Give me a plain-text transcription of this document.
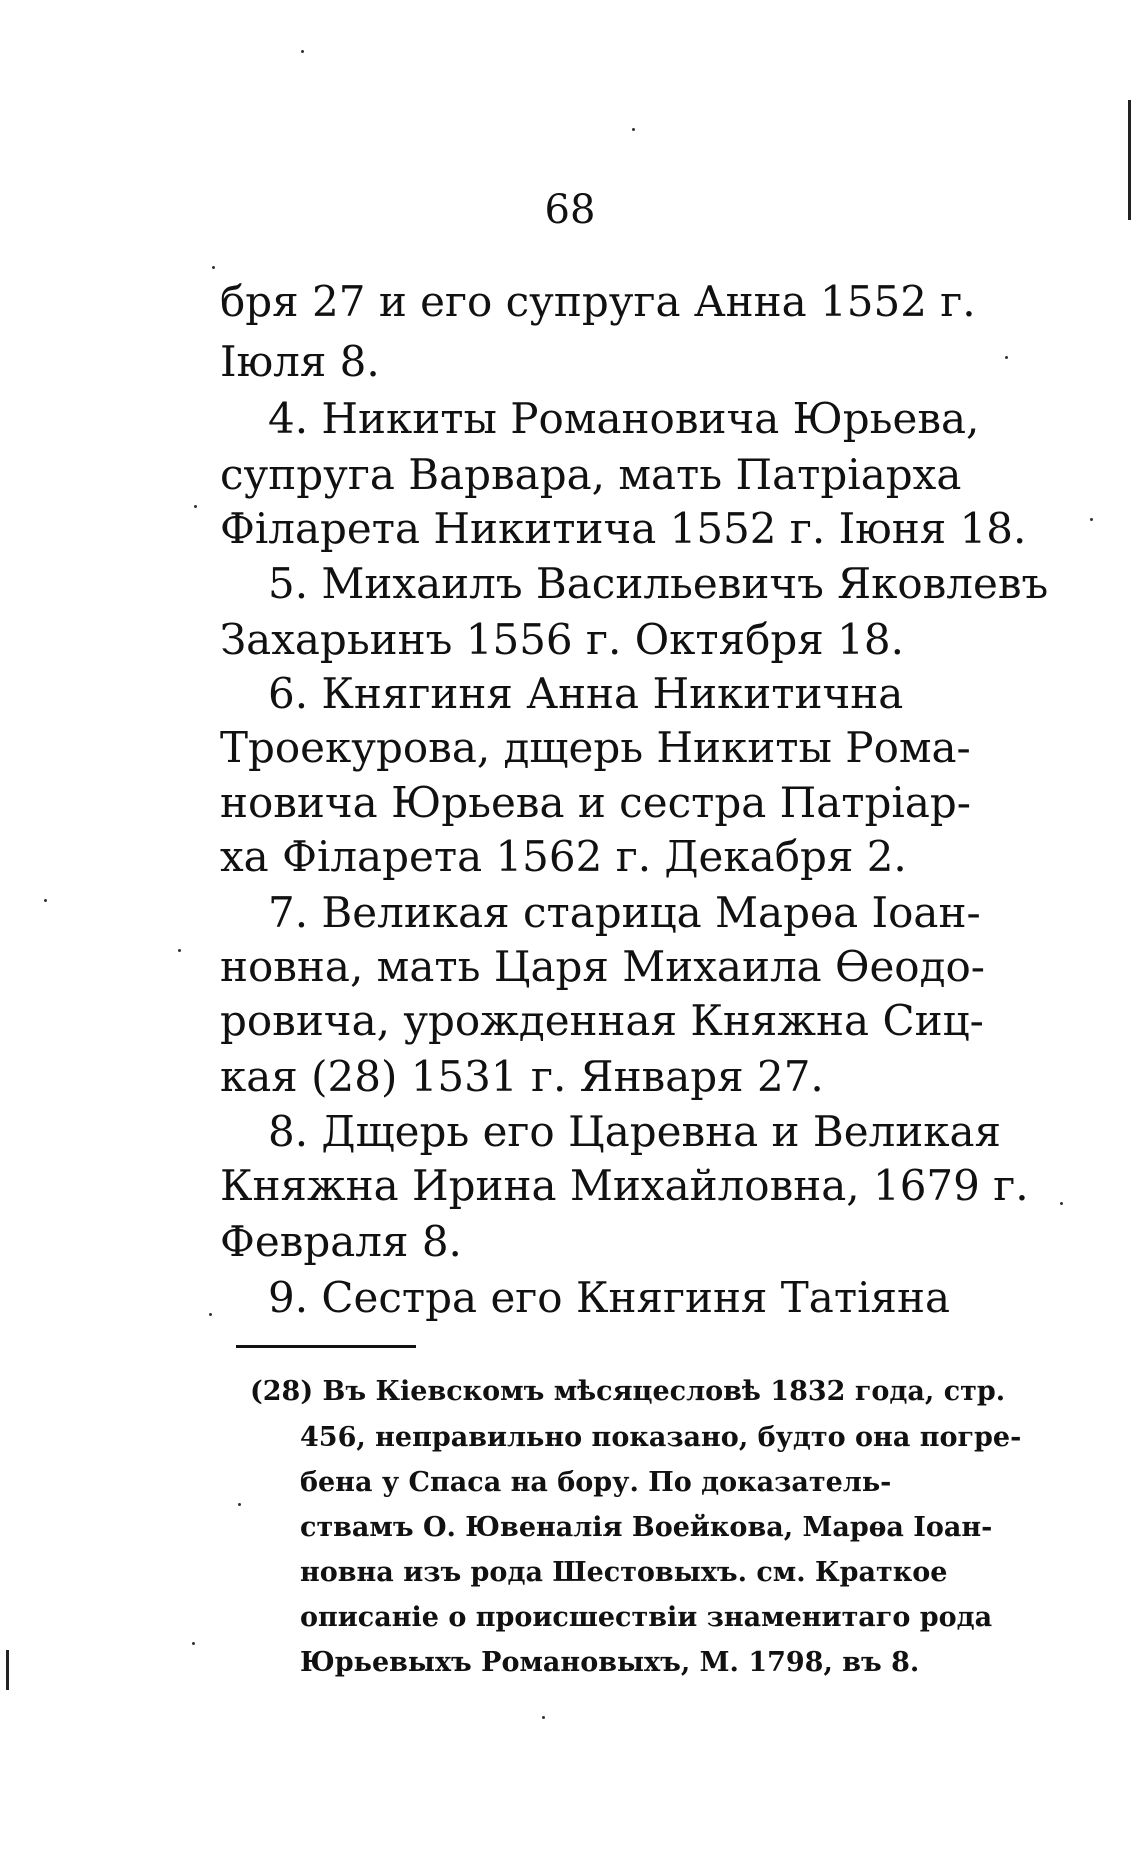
68
бря 27 и его супруга Анна 1552 г.
Іюля 8.
4. Никиты Романовича Юрьева,
супруга Варвара, мать Патріарха
Філарета Никитича 1552 г. Іюня 18.
5. Михаилъ Васильевичъ Яковлевъ
Захарьинъ 1556 г. Октября 18.
6. Княгиня Анна Никитична
Троекурова, дщерь Никиты Рома-
новича Юрьева и сестра Патріар-
ха Філарета 1562 г. Декабря 2.
7. Великая старица Марѳа Іоан-
новна, мать Царя Михаила Ѳеодо-
ровича, урожденная Княжна Сиц-
кая (28) 1531 г. Января 27.
8. Дщерь его Царевна и Великая
Княжна Ирина Михайловна, 1679 г.
Февраля 8.
9. Сестра его Княгиня Татіяна
(28) Въ Кіевскомъ мѣсяцесловѣ 1832 года, стр.
456, неправильно показано, будто она погре-
бена у Спаса на бору. По доказатель-
ствамъ О. Ювеналія Воейкова, Марѳа Іоан-
новна изъ рода Шестовыхъ. см. Краткое
описаніе о происшествіи знаменитаго рода
Юрьевыхъ Романовыхъ, М. 1798, въ 8.
